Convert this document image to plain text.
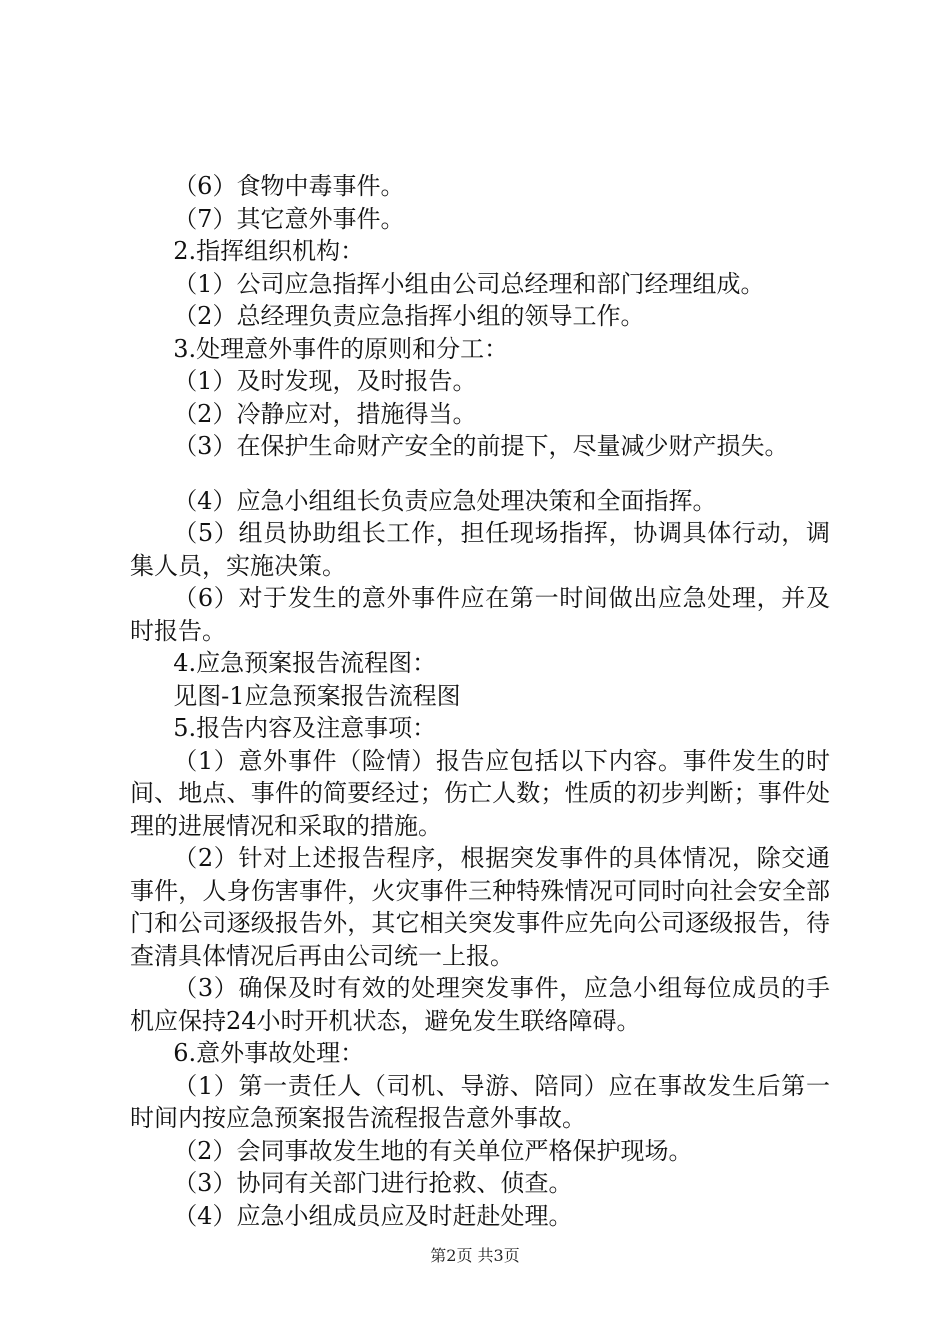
（6）食物中毒事件。

（7）其它意外事件。

2.指挥组织机构：

（1）公司应急指挥小组由公司总经理和部门经理组成。

（2）总经理负责应急指挥小组的领导工作。

3.处理意外事件的原则和分工：

（1）及时发现，及时报告。

（2）冷静应对，措施得当。

（3）在保护生命财产安全的前提下，尽量减少财产损失。

（4）应急小组组长负责应急处理决策和全面指挥。

（5）组员协助组长工作，担任现场指挥，协调具体行动，调集人员，实施决策。

（6）对于发生的意外事件应在第一时间做出应急处理，并及时报告。

4.应急预案报告流程图：

见图-1应急预案报告流程图

5.报告内容及注意事项：

（1）意外事件（险情）报告应包括以下内容。事件发生的时间、地点、事件的简要经过；伤亡人数；性质的初步判断；事件处理的进展情况和采取的措施。

（2）针对上述报告程序，根据突发事件的具体情况，除交通事件，人身伤害事件，火灾事件三种特殊情况可同时向社会安全部门和公司逐级报告外，其它相关突发事件应先向公司逐级报告，待查清具体情况后再由公司统一上报。

（3）确保及时有效的处理突发事件，应急小组每位成员的手机应保持24小时开机状态，避免发生联络障碍。

6.意外事故处理：

（1）第一责任人（司机、导游、陪同）应在事故发生后第一时间内按应急预案报告流程报告意外事故。

（2）会同事故发生地的有关单位严格保护现场。

（3）协同有关部门进行抢救、侦查。

（4）应急小组成员应及时赶赴处理。

第2页 共3页
